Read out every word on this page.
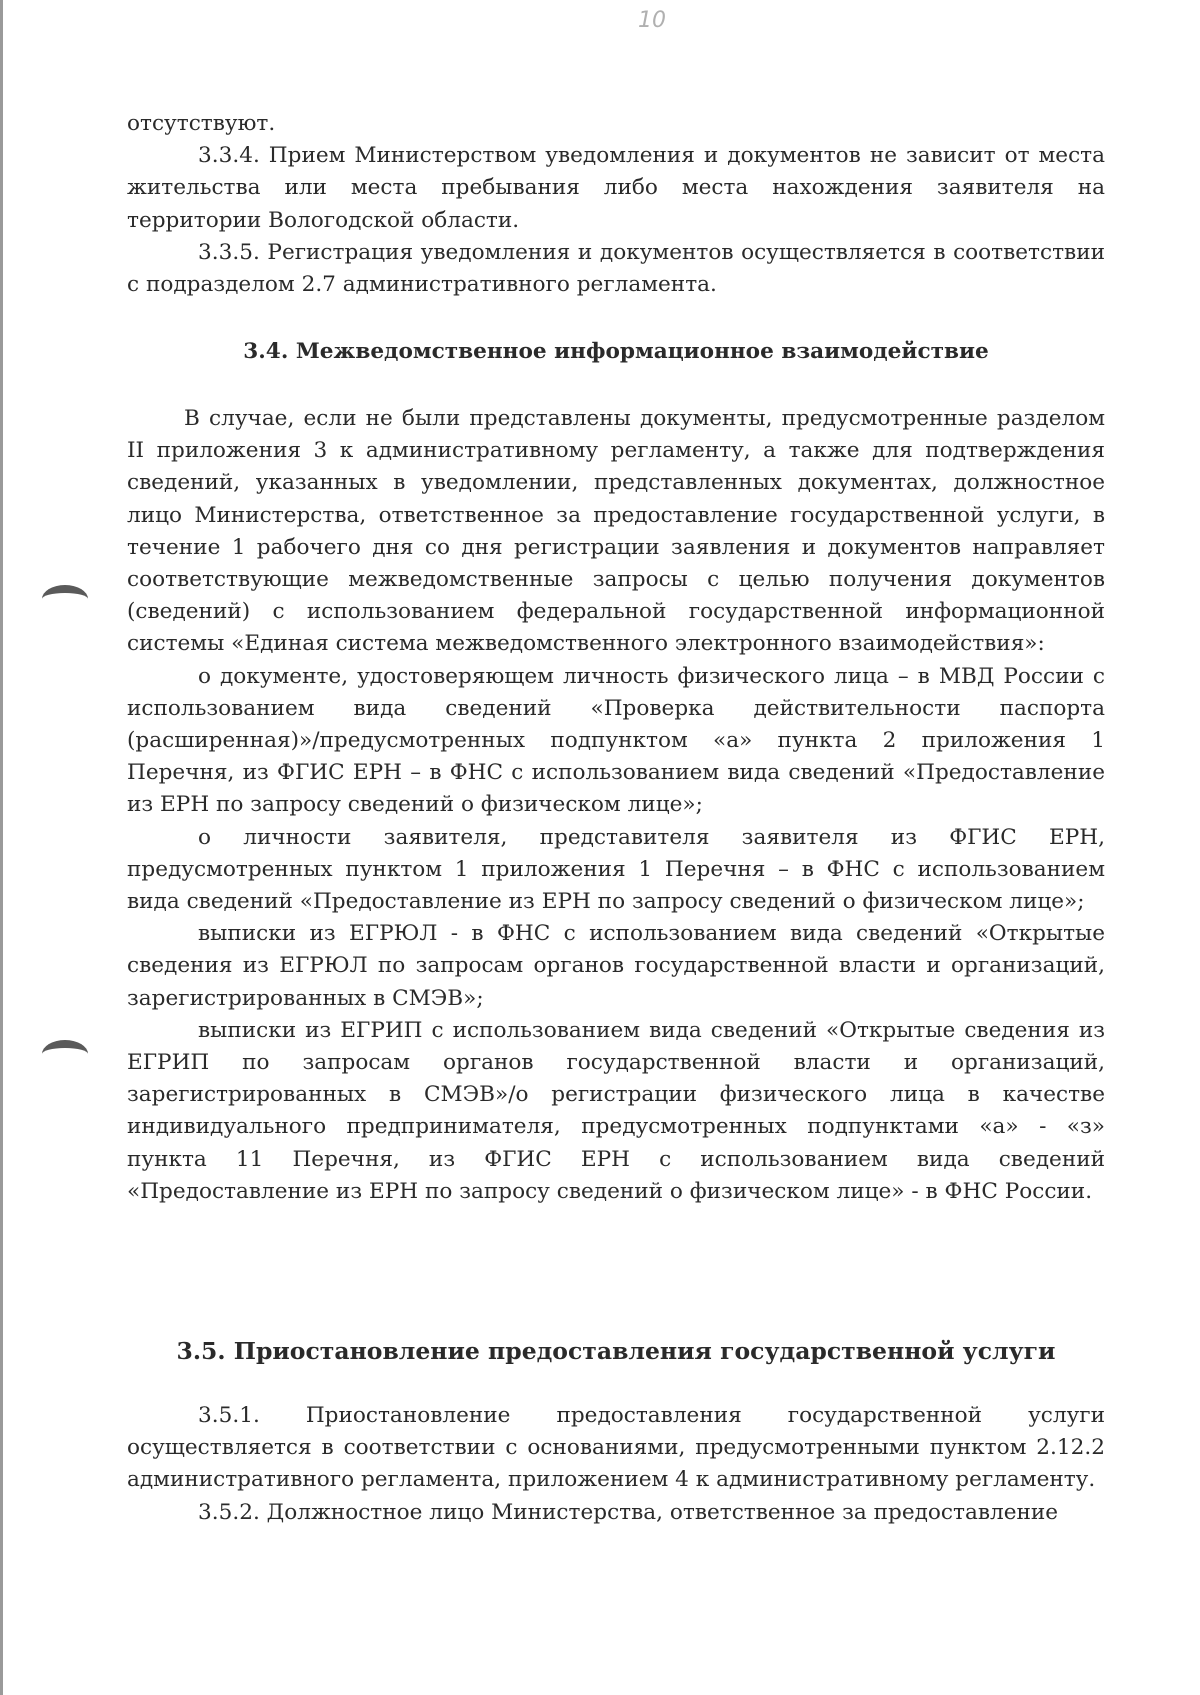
10

отсутствуют.

3.3.4. Прием Министерством уведомления и документов не зависит от места жительства или места пребывания либо места нахождения заявителя на территории Вологодской области.

3.3.5. Регистрация уведомления и документов осуществляется в соответствии с подразделом 2.7 административного регламента.

3.4. Межведомственное информационное взаимодействие

В случае, если не были представлены документы, предусмотренные разделом II приложения 3 к административному регламенту, а также для подтверждения сведений, указанных в уведомлении, представленных документах, должностное лицо Министерства, ответственное за предоставление государственной услуги, в течение 1 рабочего дня со дня регистрации заявления и документов направляет соответствующие межведомственные запросы с целью получения документов (сведений) с использованием федеральной государственной информационной системы «Единая система межведомственного электронного взаимодействия»:

о документе, удостоверяющем личность физического лица – в МВД России с использованием вида сведений «Проверка действительности паспорта (расширенная)»/предусмотренных подпунктом «а» пункта 2 приложения 1 Перечня, из ФГИС ЕРН – в ФНС с использованием вида сведений «Предоставление из ЕРН по запросу сведений о физическом лице»;

о личности заявителя, представителя заявителя из ФГИС ЕРН, предусмотренных пунктом 1 приложения 1 Перечня – в ФНС с использованием вида сведений «Предоставление из ЕРН по запросу сведений о физическом лице»;

выписки из ЕГРЮЛ - в ФНС с использованием вида сведений «Открытые сведения из ЕГРЮЛ по запросам органов государственной власти и организаций, зарегистрированных в СМЭВ»;

выписки из ЕГРИП с использованием вида сведений «Открытые сведения из ЕГРИП по запросам органов государственной власти и организаций, зарегистрированных в СМЭВ»/о регистрации физического лица в качестве индивидуального предпринимателя, предусмотренных подпунктами «а» - «з» пункта 11 Перечня, из ФГИС ЕРН с использованием вида сведений «Предоставление из ЕРН по запросу сведений о физическом лице» - в ФНС России.

3.5. Приостановление предоставления государственной услуги

3.5.1. Приостановление предоставления государственной услуги осуществляется в соответствии с основаниями, предусмотренными пунктом 2.12.2 административного регламента, приложением 4 к административному регламенту.

3.5.2. Должностное лицо Министерства, ответственное за предоставление
